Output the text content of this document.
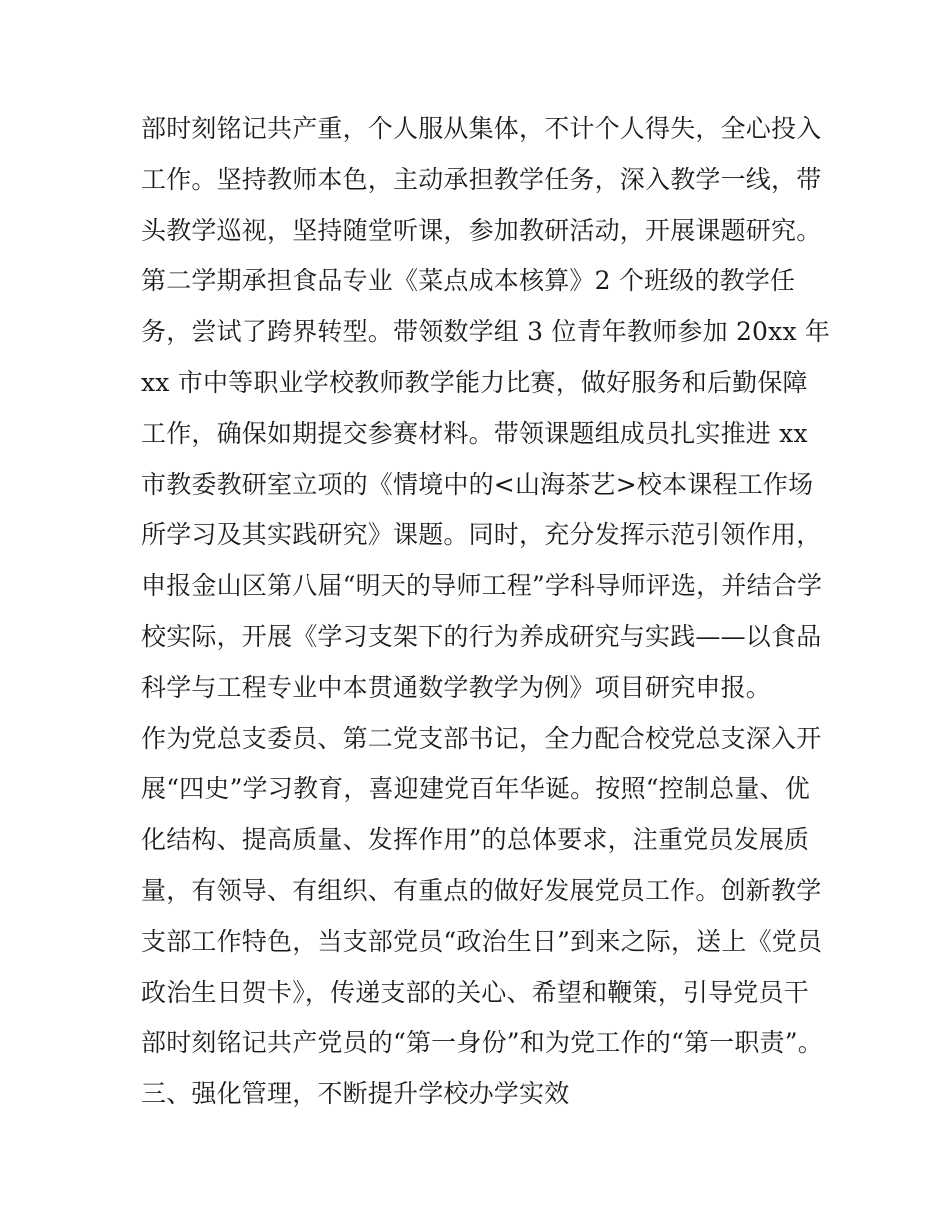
部时刻铭记共产重，个人服从集体，不计个人得失，全心投入
工作。坚持教师本色，主动承担教学任务，深入教学一线，带
头教学巡视，坚持随堂听课，参加教研活动，开展课题研究。
第二学期承担食品专业《菜点成本核算》2 个班级的教学任
务，尝试了跨界转型。带领数学组 3 位青年教师参加 20xx 年
xx 市中等职业学校教师教学能力比赛，做好服务和后勤保障
工作，确保如期提交参赛材料。带领课题组成员扎实推进 xx
市教委教研室立项的《情境中的<山海茶艺>校本课程工作场
所学习及其实践研究》课题。同时，充分发挥示范引领作用，
申报金山区第八届“明天的导师工程”学科导师评选，并结合学
校实际，开展《学习支架下的行为养成研究与实践——以食品
科学与工程专业中本贯通数学教学为例》项目研究申报。
作为党总支委员、第二党支部书记，全力配合校党总支深入开
展“四史”学习教育，喜迎建党百年华诞。按照“控制总量、优
化结构、提高质量、发挥作用”的总体要求，注重党员发展质
量，有领导、有组织、有重点的做好发展党员工作。创新教学
支部工作特色，当支部党员“政治生日”到来之际，送上《党员
政治生日贺卡》，传递支部的关心、希望和鞭策，引导党员干
部时刻铭记共产党员的“第一身份”和为党工作的“第一职责”。
三、强化管理，不断提升学校办学实效
